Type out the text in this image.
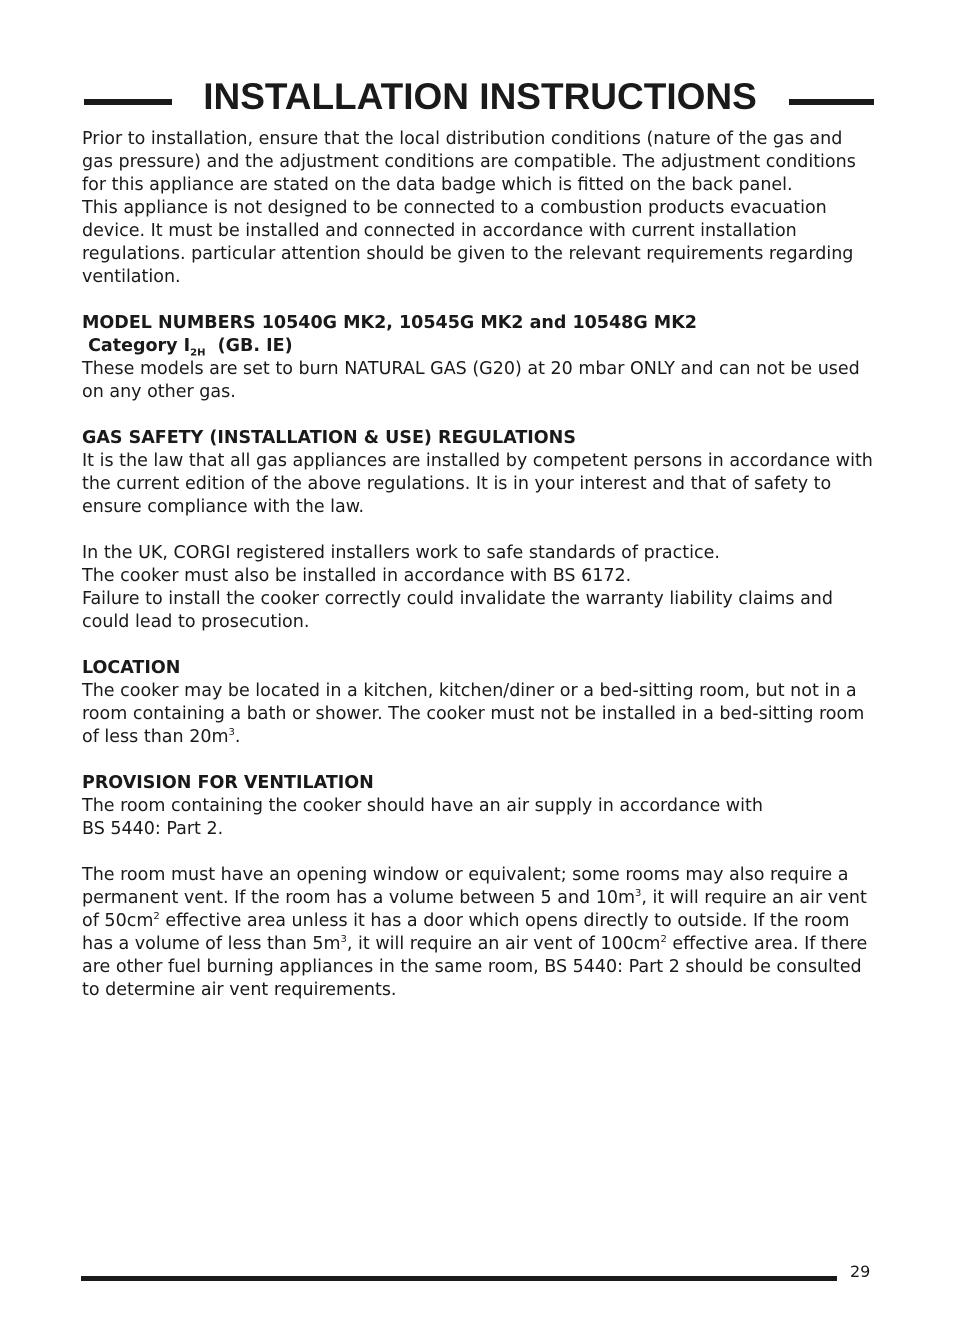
INSTALLATION INSTRUCTIONS

Prior to installation, ensure that the local distribution conditions (nature of the gas and gas pressure) and the adjustment conditions are compatible. The adjustment conditions for this appliance are stated on the data badge which is fitted on the back panel.

This appliance is not designed to be connected to a combustion products evacuation device. It must be installed and connected in accordance with current installation regulations. particular attention should be given to the relevant requirements regarding ventilation.

MODEL NUMBERS 10540G MK2, 10545G MK2 and 10548G MK2

Category $I_{2H}$  (GB. IE)

These models are set to burn NATURAL GAS (G20) at 20 mbar ONLY and can not be used on any other gas.

GAS SAFETY (INSTALLATION & USE) REGULATIONS

It is the law that all gas appliances are installed by competent persons in accordance with the current edition of the above regulations. It is in your interest and that of safety to ensure compliance with the law.

In the UK, CORGI registered installers work to safe standards of practice.

The cooker must also be installed in accordance with BS 6172.

Failure to install the cooker correctly could invalidate the warranty liability claims and could lead to prosecution.

LOCATION

The cooker may be located in a kitchen, kitchen/diner or a bed-sitting room, but not in a room containing a bath or shower. The cooker must not be installed in a bed-sitting room of less than $20m^3$.

PROVISION FOR VENTILATION

The room containing the cooker should have an air supply in accordance with

BS 5440: Part 2.

The room must have an opening window or equivalent; some rooms may also require a permanent vent. If the room has a volume between 5 and $10m^3$, it will require an air vent of $50cm^2$ effective area unless it has a door which opens directly to outside. If the room has a volume of less than $5m^3$, it will require an air vent of $100cm^2$ effective area. If there are other fuel burning appliances in the same room, BS 5440: Part 2 should be consulted to determine air vent requirements.

29
